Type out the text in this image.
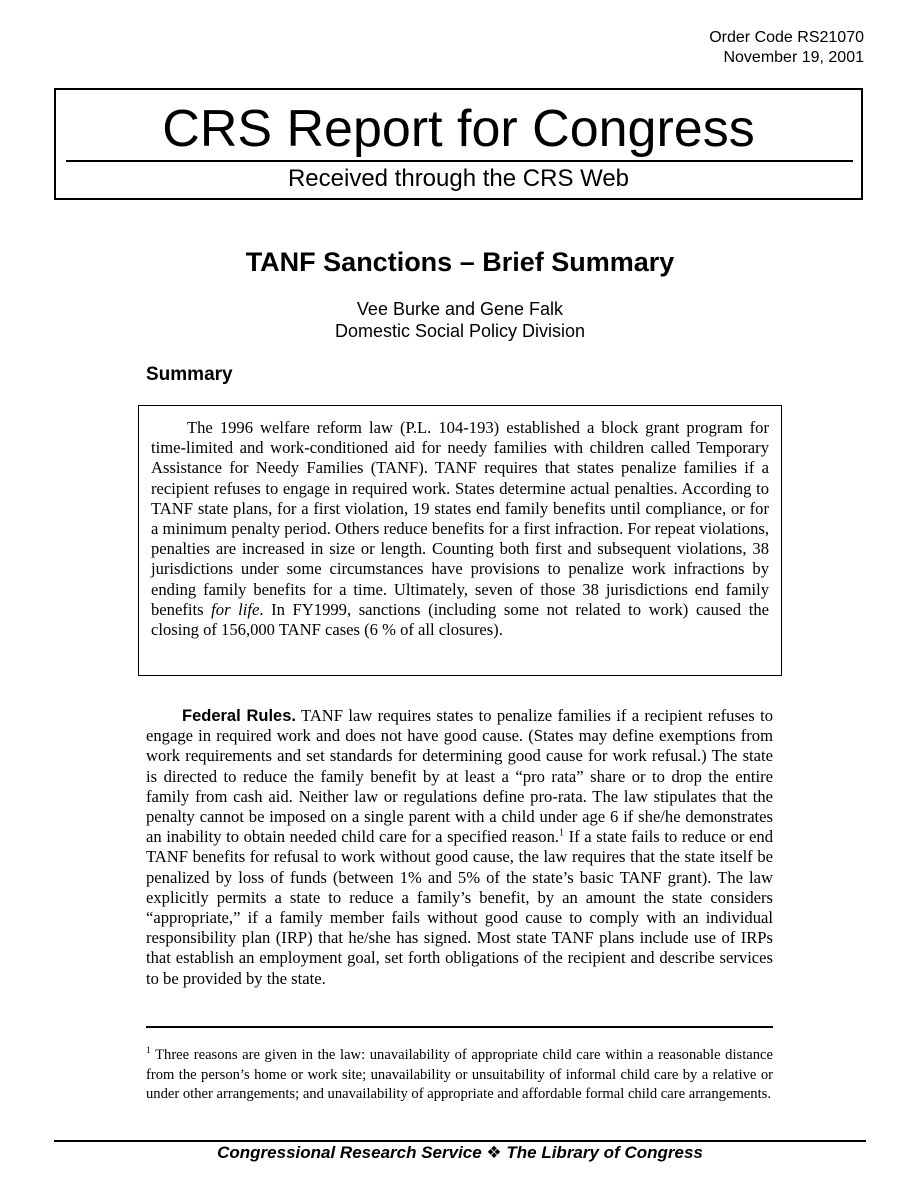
Order Code RS21070
November 19, 2001
CRS Report for Congress
Received through the CRS Web
TANF Sanctions – Brief Summary
Vee Burke and Gene Falk
Domestic Social Policy Division
Summary

The 1996 welfare reform law (P.L. 104-193) established a block grant program for time-limited and work-conditioned aid for needy families with children called Temporary Assistance for Needy Families (TANF). TANF requires that states penalize families if a recipient refuses to engage in required work. States determine actual penalties. According to TANF state plans, for a first violation, 19 states end family benefits until compliance, or for a minimum penalty period. Others reduce benefits for a first infraction. For repeat violations, penalties are increased in size or length. Counting both first and subsequent violations, 38 jurisdictions under some circumstances have provisions to penalize work infractions by ending family benefits for a time. Ultimately, seven of those 38 jurisdictions end family benefits for life. In FY1999, sanctions (including some not related to work) caused the closing of 156,000 TANF cases (6 % of all closures).

Federal Rules. TANF law requires states to penalize families if a recipient refuses to engage in required work and does not have good cause. (States may define exemptions from work requirements and set standards for determining good cause for work refusal.) The state is directed to reduce the family benefit by at least a “pro rata” share or to drop the entire family from cash aid. Neither law or regulations define pro-rata. The law stipulates that the penalty cannot be imposed on a single parent with a child under age 6 if she/he demonstrates an inability to obtain needed child care for a specified reason.$^1$ If a state fails to reduce or end TANF benefits for refusal to work without good cause, the law requires that the state itself be penalized by loss of funds (between 1% and 5% of the state’s basic TANF grant). The law explicitly permits a state to reduce a family’s benefit, by an amount the state considers “appropriate,” if a family member fails without good cause to comply with an individual responsibility plan (IRP) that he/she has signed. Most state TANF plans include use of IRPs that establish an employment goal, set forth obligations of the recipient and describe services to be provided by the state.

$^1$ Three reasons are given in the law: unavailability of appropriate child care within a reasonable distance from the person’s home or work site; unavailability or unsuitability of informal child care by a relative or under other arrangements; and unavailability of appropriate and affordable formal child care arrangements.

Congressional Research Service ❖ The Library of Congress
